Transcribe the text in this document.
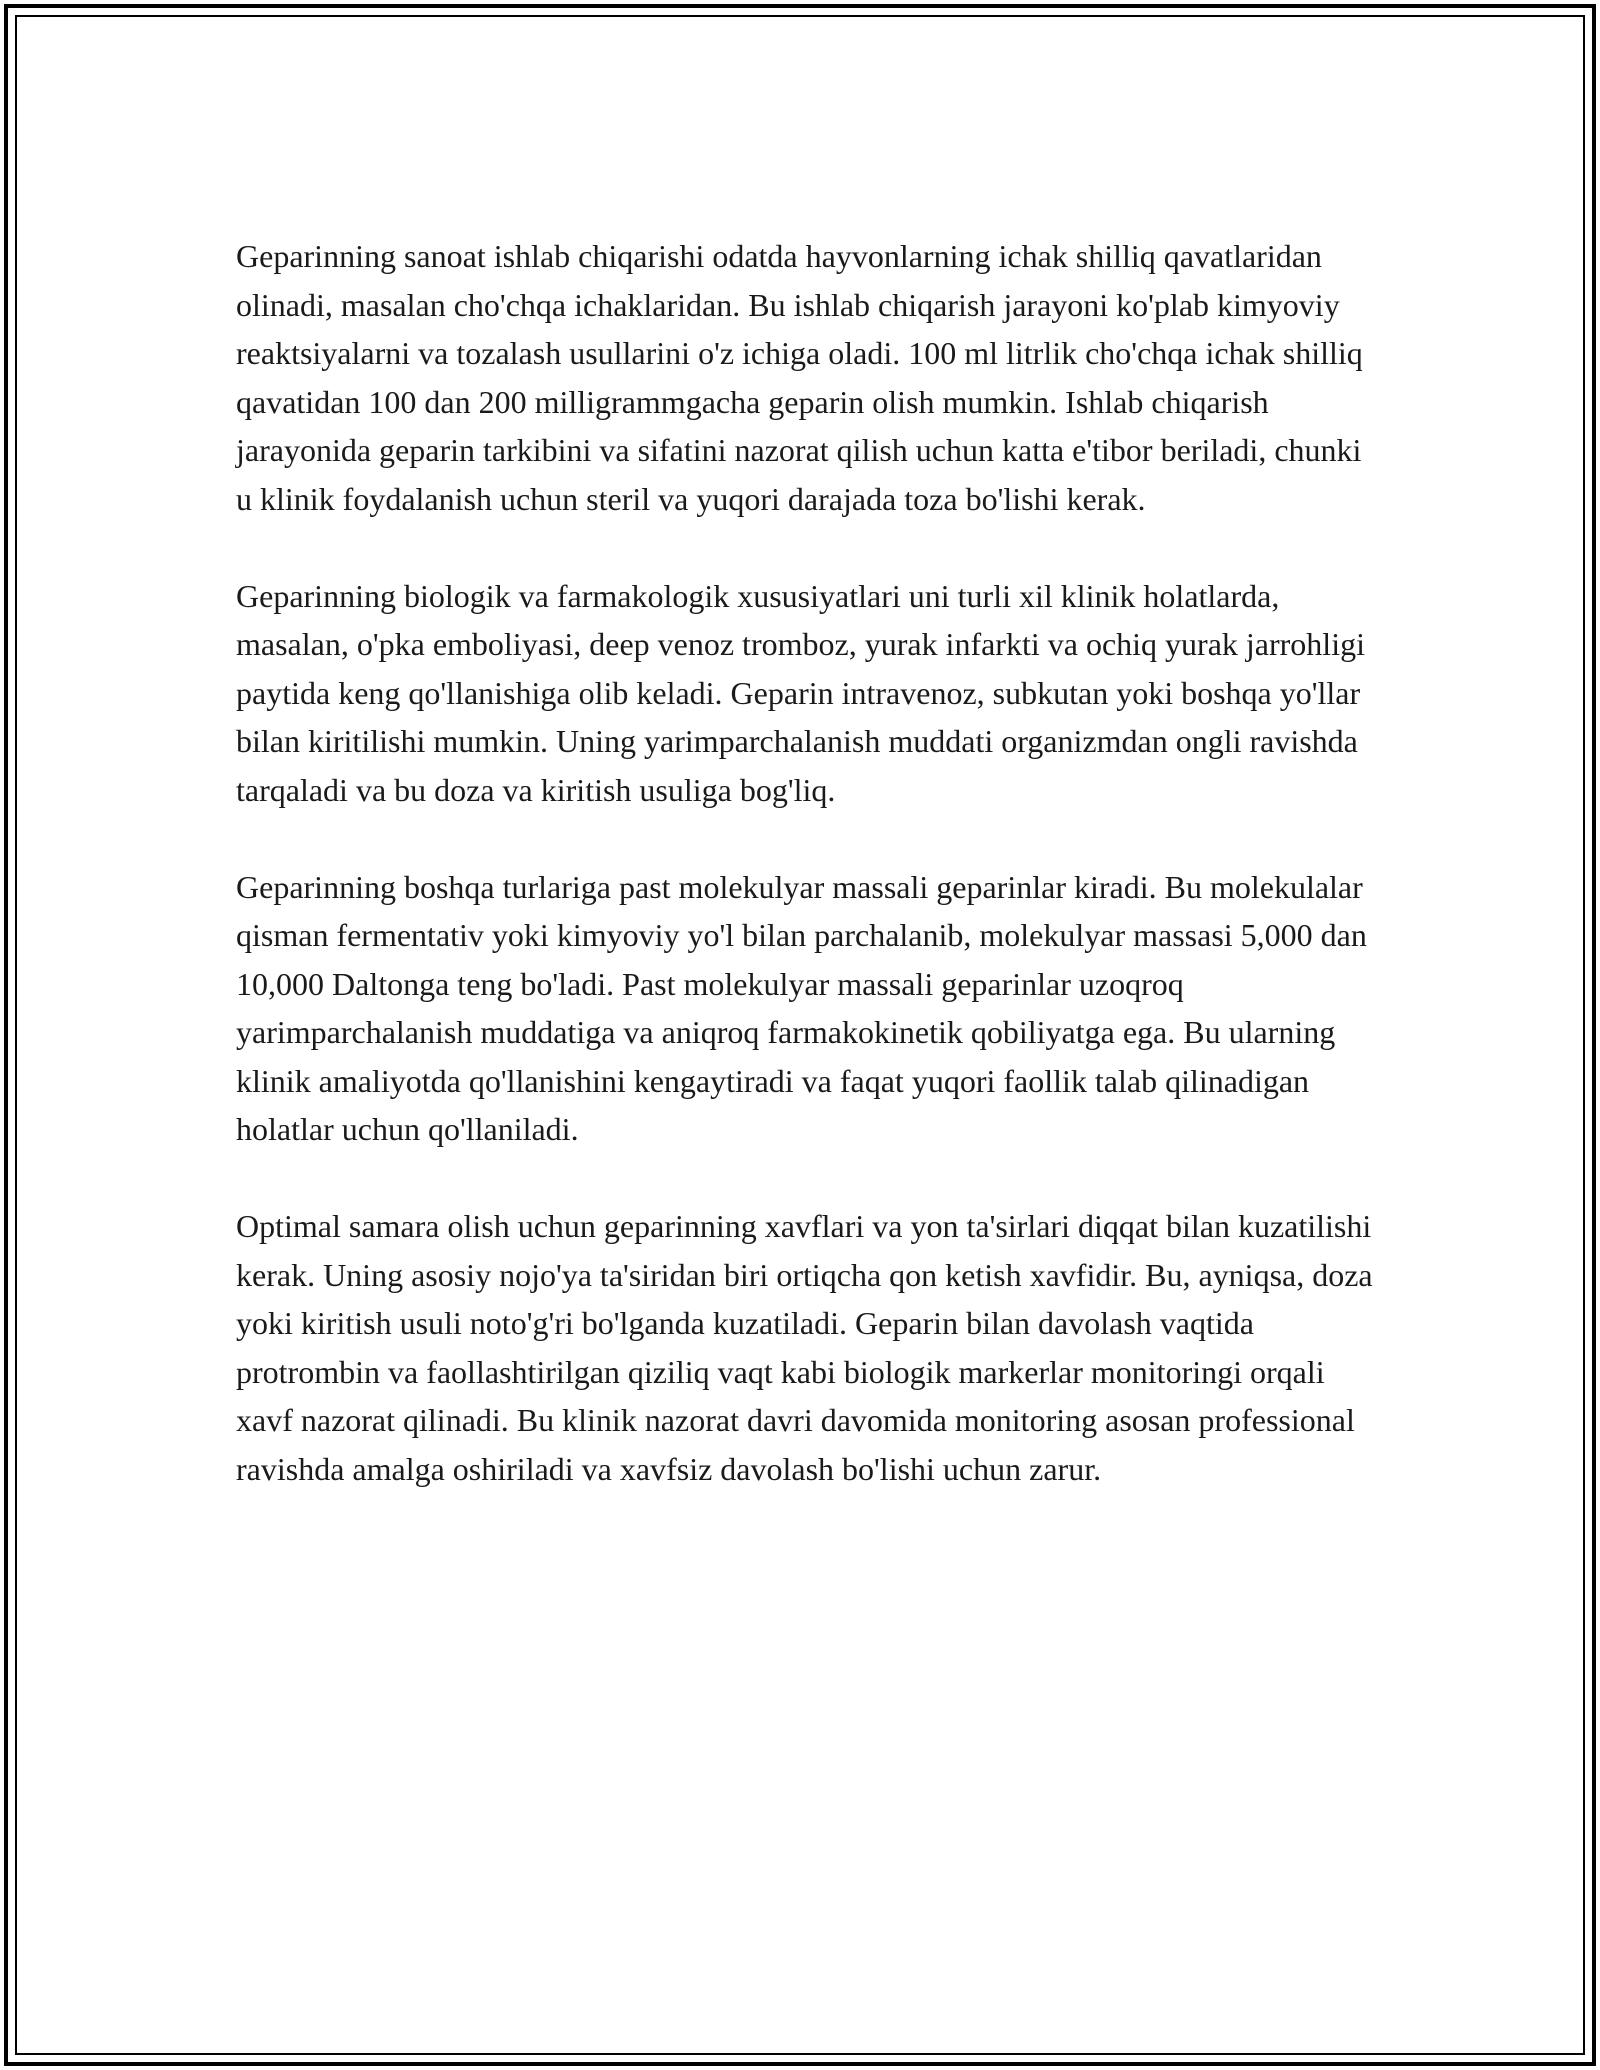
Geparinning sanoat ishlab chiqarishi odatda hayvonlarning ichak shilliq qavatlaridan olinadi, masalan cho'chqa ichaklaridan. Bu ishlab chiqarish jarayoni ko'plab kimyoviy reaktsiyalarni va tozalash usullarini o'z ichiga oladi. 100 ml litrlik cho'chqa ichak shilliq qavatidan 100 dan 200 milligrammgacha geparin olish mumkin. Ishlab chiqarish jarayonida geparin tarkibini va sifatini nazorat qilish uchun katta e'tibor beriladi, chunki u klinik foydalanish uchun steril va yuqori darajada toza bo'lishi kerak.

Geparinning biologik va farmakologik xususiyatlari uni turli xil klinik holatlarda, masalan, o'pka emboliyasi, deep venoz tromboz, yurak infarkti va ochiq yurak jarrohligi paytida keng qo'llanishiga olib keladi. Geparin intravenoz, subkutan yoki boshqa yo'llar bilan kiritilishi mumkin. Uning yarimparchalanish muddati organizmdan ongli ravishda tarqaladi va bu doza va kiritish usuliga bog'liq.

Geparinning boshqa turlariga past molekulyar massali geparinlar kiradi. Bu molekulalar qisman fermentativ yoki kimyoviy yo'l bilan parchalanib, molekulyar massasi 5,000 dan 10,000 Daltonga teng bo'ladi. Past molekulyar massali geparinlar uzoqroq yarimparchalanish muddatiga va aniqroq farmakokinetik qobiliyatga ega. Bu ularning klinik amaliyotda qo'llanishini kengaytiradi va faqat yuqori faollik talab qilinadigan holatlar uchun qo'llaniladi.

Optimal samara olish uchun geparinning xavflari va yon ta'sirlari diqqat bilan kuzatilishi kerak. Uning asosiy nojo'ya ta'siridan biri ortiqcha qon ketish xavfidir. Bu, ayniqsa, doza yoki kiritish usuli noto'g'ri bo'lganda kuzatiladi. Geparin bilan davolash vaqtida protrombin va faollashtirilgan qiziliq vaqt kabi biologik markerlar monitoringi orqali xavf nazorat qilinadi. Bu klinik nazorat davri davomida monitoring asosan professional ravishda amalga oshiriladi va xavfsiz davolash bo'lishi uchun zarur.
